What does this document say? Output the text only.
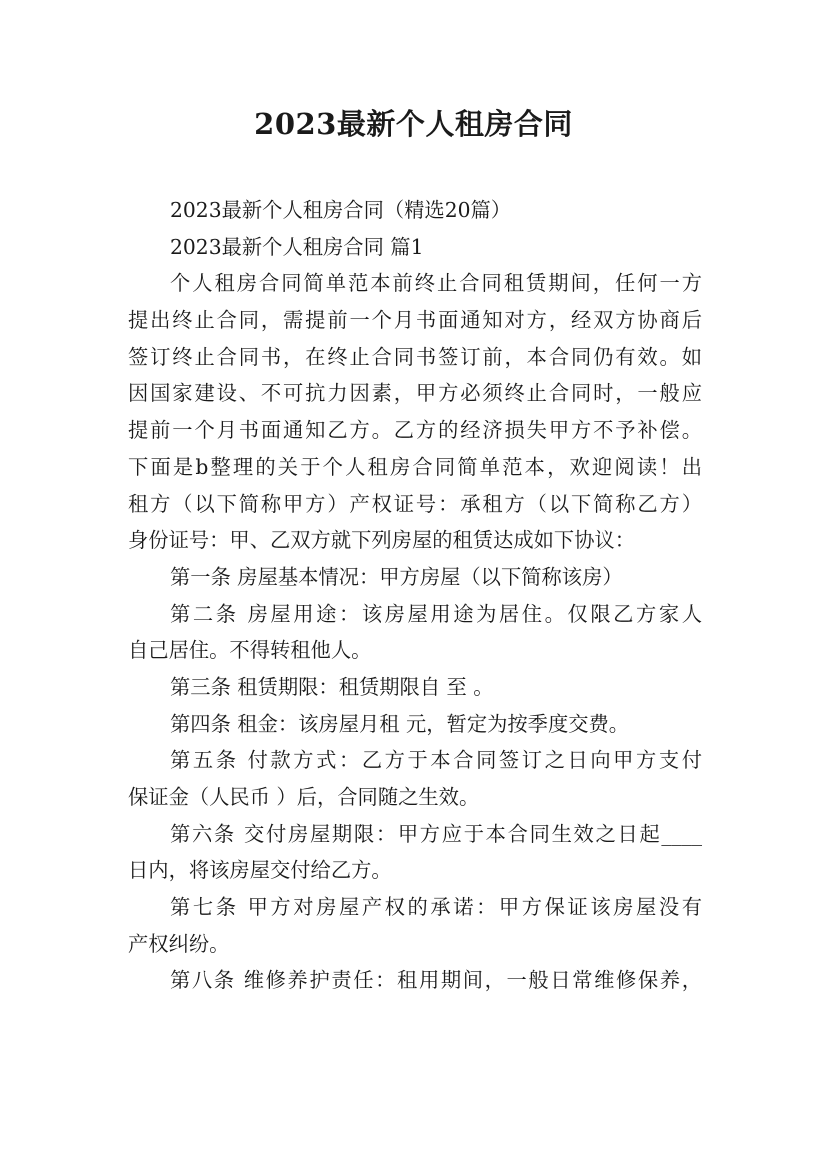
2023最新个人租房合同
2023最新个人租房合同（精选20篇）
2023最新个人租房合同 篇1
个人租房合同简单范本前终止合同租赁期间，任何一方
提出终止合同，需提前一个月书面通知对方，经双方协商后
签订终止合同书，在终止合同书签订前，本合同仍有效。如
因国家建设、不可抗力因素，甲方必须终止合同时，一般应
提前一个月书面通知乙方。乙方的经济损失甲方不予补偿。
下面是b整理的关于个人租房合同简单范本，欢迎阅读！出
租方（以下简称甲方）产权证号：承租方（以下简称乙方）
身份证号：甲、乙双方就下列房屋的租赁达成如下协议：
第一条 房屋基本情况：甲方房屋（以下简称该房）
第二条 房屋用途：该房屋用途为居住。仅限乙方家人
自己居住。不得转租他人。
第三条 租赁期限：租赁期限自 至 。
第四条 租金：该房屋月租 元，暂定为按季度交费。
第五条 付款方式：乙方于本合同签订之日向甲方支付
保证金（人民币 ）后，合同随之生效。
第六条 交付房屋期限：甲方应于本合同生效之日起____
日内，将该房屋交付给乙方。
第七条 甲方对房屋产权的承诺：甲方保证该房屋没有
产权纠纷。
第八条 维修养护责任：租用期间，一般日常维修保养，
